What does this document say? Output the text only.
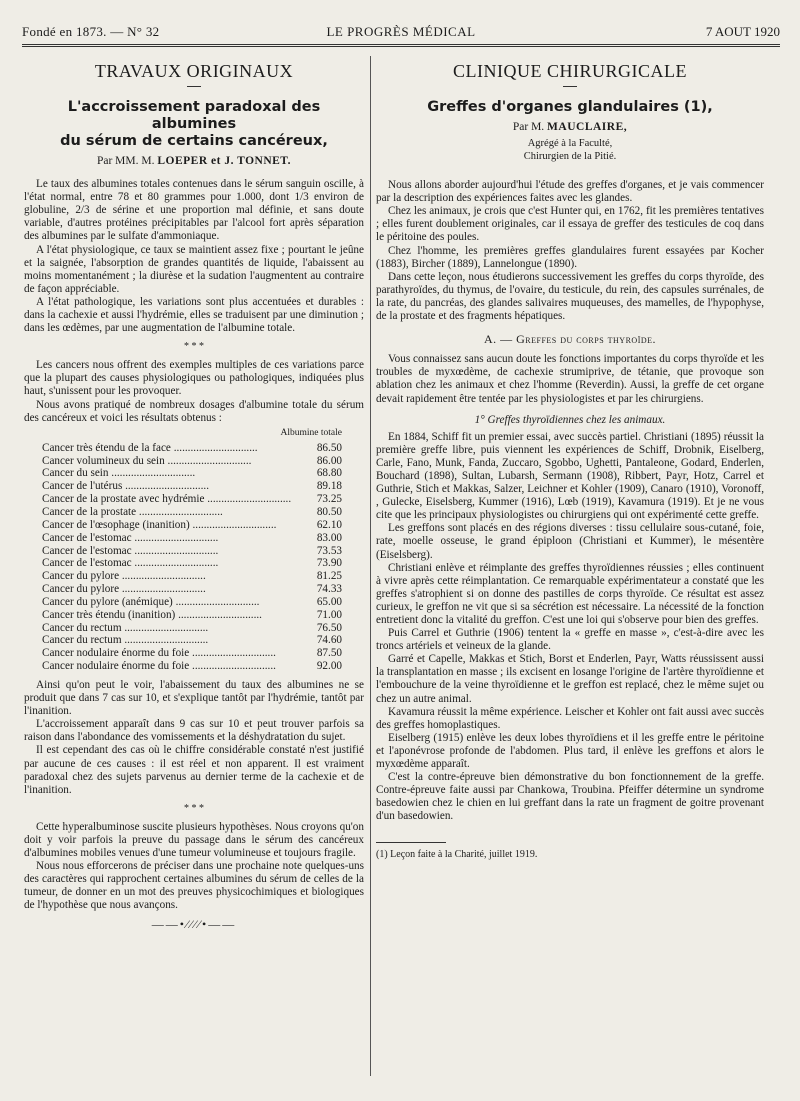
Fondé en 1873. — N° 32	LE PROGRÈS MÉDICAL	7 AOUT 1920
TRAVAUX ORIGINAUX
L'accroissement paradoxal des albumines
du sérum de certains cancéreux,
Par MM. M. LOEPER et J. TONNET.

Le taux des albumines totales contenues dans le sérum sanguin oscille, à l'état normal, entre 78 et 80 grammes pour 1.000, dont 1/3 environ de globuline, 2/3 de sérine et une proportion mal définie, et sans doute variable, d'autres protéines précipitables par l'alcool fort après séparation des albumines par le sulfate d'ammoniaque.

A l'état physiologique, ce taux se maintient assez fixe ; pourtant le jeûne et la saignée, l'absorption de grandes quantités de liquide, l'abaissent au moins momentanément ; la diurèse et la sudation l'augmentent au contraire de façon appréciable.

A l'état pathologique, les variations sont plus accentuées et durables : dans la cachexie et aussi l'hydrémie, elles se traduisent par une diminution ; dans les œdèmes, par une augmentation de l'albumine totale.

* * *

Les cancers nous offrent des exemples multiples de ces variations parce que la plupart des causes physiologiques ou pathologiques, indiquées plus haut, s'unissent pour les provoquer.

Nous avons pratiqué de nombreux dosages d'albumine totale du sérum des cancéreux et voici les résultats obtenus :

Albumine totale
Cancer très étendu de la face ..............................	86.50
Cancer volumineux du sein ..............................	86.00
Cancer du sein ..............................	68.80
Cancer de l'utérus ..............................	89.18
Cancer de la prostate avec hydrémie ..............................	73.25
Cancer de la prostate ..............................	80.50
Cancer de l'œsophage (inanition) ..............................	62.10
Cancer de l'estomac ..............................	83.00
Cancer de l'estomac ..............................	73.53
Cancer de l'estomac ..............................	73.90
Cancer du pylore ..............................	81.25
Cancer du pylore ..............................	74.33
Cancer du pylore (anémique) ..............................	65.00
Cancer très étendu (inanition) ..............................	71.00
Cancer du rectum ..............................	76.50
Cancer du rectum ..............................	74.60
Cancer nodulaire énorme du foie ..............................	87.50
Cancer nodulaire énorme du foie ..............................	92.00

Ainsi qu'on peut le voir, l'abaissement du taux des albumines ne se produit que dans 7 cas sur 10, et s'explique tantôt par l'hydrémie, tantôt par l'inanition.

L'accroissement apparaît dans 9 cas sur 10 et peut trouver parfois sa raison dans l'abondance des vomissements et la déshydratation du sujet.

Il est cependant des cas où le chiffre considérable constaté n'est justifié par aucune de ces causes : il est réel et non apparent. Il est vraiment paradoxal chez des sujets parvenus au dernier terme de la cachexie et de l'inanition.

* * *

Cette hyperalbuminose suscite plusieurs hypothèses. Nous croyons qu'on doit y voir parfois la preuve du passage dans le sérum des cancéreux d'albumines mobiles venues d'une tumeur volumineuse et toujours fragile.

Nous nous efforcerons de préciser dans une prochaine note quelques-uns des caractères qui rapprochent certaines albumines du sérum de celles de la tumeur, de donner en un mot des preuves physicochimiques et biologiques de l'hypothèse que nous avançons.

——•⁄⁄⁄⁄•——
CLINIQUE CHIRURGICALE
Greffes d'organes glandulaires (1),
Par M. MAUCLAIRE,
Agrégé à la Faculté,
Chirurgien de la Pitié.

Nous allons aborder aujourd'hui l'étude des greffes d'organes, et je vais commencer par la description des expériences faites avec les glandes.

Chez les animaux, je crois que c'est Hunter qui, en 1762, fit les premières tentatives ; elles furent doublement originales, car il essaya de greffer des testicules de coq dans le péritoine des poules.

Chez l'homme, les premières greffes glandulaires furent essayées par Kocher (1883), Bircher (1889), Lannelongue (1890).

Dans cette leçon, nous étudierons successivement les greffes du corps thyroïde, des parathyroïdes, du thymus, de l'ovaire, du testicule, du rein, des capsules surrénales, de la rate, du pancréas, des glandes salivaires muqueuses, des mamelles, de l'hypophyse, de la prostate et des fragments hépatiques.

A. — Greffes du corps thyroïde.

Vous connaissez sans aucun doute les fonctions importantes du corps thyroïde et les troubles de myxœdème, de cachexie strumiprive, de tétanie, que provoque son ablation chez les animaux et chez l'homme (Reverdin). Aussi, la greffe de cet organe devait rapidement être tentée par les physiologistes et par les chirurgiens.

1° Greffes thyroïdiennes chez les animaux.

En 1884, Schiff fit un premier essai, avec succès partiel. Christiani (1895) réussit la première greffe libre, puis viennent les expériences de Schiff, Drobnik, Eiselberg, Carle, Fano, Munk, Fanda, Zuccaro, Sgobbo, Ughetti, Pantaleone, Godard, Enderlen, Bouchard (1898), Sultan, Lubarsh, Sermann (1908), Ribbert, Payr, Hotz, Carrel et Guthrie, Stich et Makkas, Salzer, Leichner et Kohler (1909), Canaro (1910), Voronoff, , Gulecke, Eiselsberg, Kummer (1916), Lœb (1919), Kavamura (1919). Et je ne vous cite que les principaux physiologistes ou chirurgiens qui ont expérimenté cette greffe.

Les greffons sont placés en des régions diverses : tissu cellulaire sous-cutané, foie, rate, moelle osseuse, le grand épiploon (Christiani et Kummer), le mésentère (Eiselsberg).

Christiani enlève et réimplante des greffes thyroïdiennes réussies ; elles continuent à vivre après cette réimplantation. Ce remarquable expérimentateur a constaté que les greffes s'atrophient si on donne des pastilles de corps thyroïde. Ce résultat est assez curieux, le greffon ne vit que si sa sécrétion est nécessaire. La nécessité de la fonction entretient donc la vitalité du greffon. C'est une loi qui s'observe pour bien des greffes.

Puis Carrel et Guthrie (1906) tentent la « greffe en masse », c'est-à-dire avec les troncs artériels et veineux de la glande.

Garré et Capelle, Makkas et Stich, Borst et Enderlen, Payr, Watts réussissent aussi la transplantation en masse ; ils excisent en losange l'origine de l'artère thyroïdienne et l'embouchure de la veine thyroïdienne et le greffon est replacé, chez le même sujet ou chez un autre animal.

Kavamura réussit la même expérience. Leischer et Kohler ont fait aussi avec succès des greffes homoplastiques.

Eiselberg (1915) enlève les deux lobes thyroïdiens et il les greffe entre le péritoine et l'aponévrose profonde de l'abdomen. Plus tard, il enlève les greffons et alors le myxœdème apparaît.

C'est la contre-épreuve bien démonstrative du bon fonctionnement de la greffe. Contre-épreuve faite aussi par Chankowa, Troubina. Pfeiffer détermine un syndrome basedowien chez le chien en lui greffant dans la rate un fragment de goitre provenant d'un basedowien.

(1) Leçon faite à la Charité, juillet 1919.
